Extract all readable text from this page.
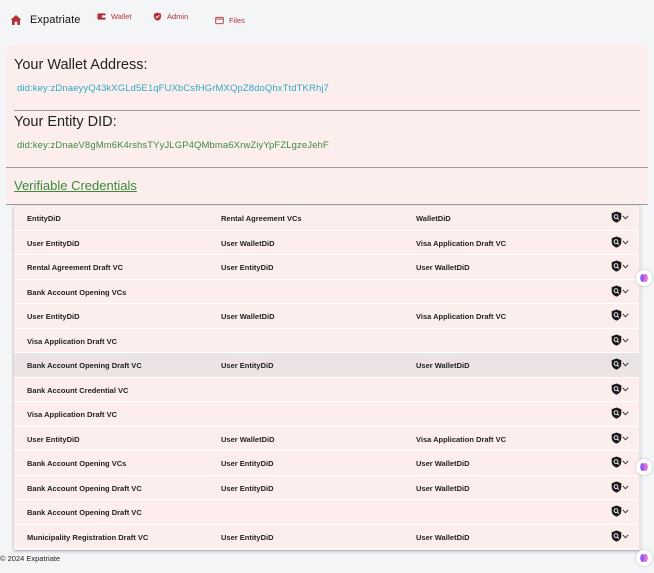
Expatriate	Wallet	Admin	Files
Your Wallet Address:
did:key:zDnaeyyQ43kXGLd5E1qFUXbCsfHGrMXQpZ8doQhxTtdTKRhj7
Your Entity DID:
did:key:zDnaeV8gMm6K4rshsTYyJLGP4QMbma6XrwZiyYpFZLgzeJehF
Verifiable Credentials
EntityDiD	Rental Agreement VCs	WalletDiD
User EntityDiD	User WalletDiD	Visa Application Draft VC
Rental Agreement Draft VC	User EntityDiD	User WalletDiD
Bank Account Opening VCs
User EntityDiD	User WalletDiD	Visa Application Draft VC
Visa Application Draft VC
Bank Account Opening Draft VC	User EntityDiD	User WalletDiD
Bank Account Credential VC
Visa Application Draft VC
User EntityDiD	User WalletDiD	Visa Application Draft VC
Bank Account Opening VCs	User EntityDiD	User WalletDiD
Bank Account Opening Draft VC	User EntityDiD	User WalletDiD
Bank Account Opening Draft VC
Municipality Registration Draft VC	User EntityDiD	User WalletDiD
© 2024 Expatriate
